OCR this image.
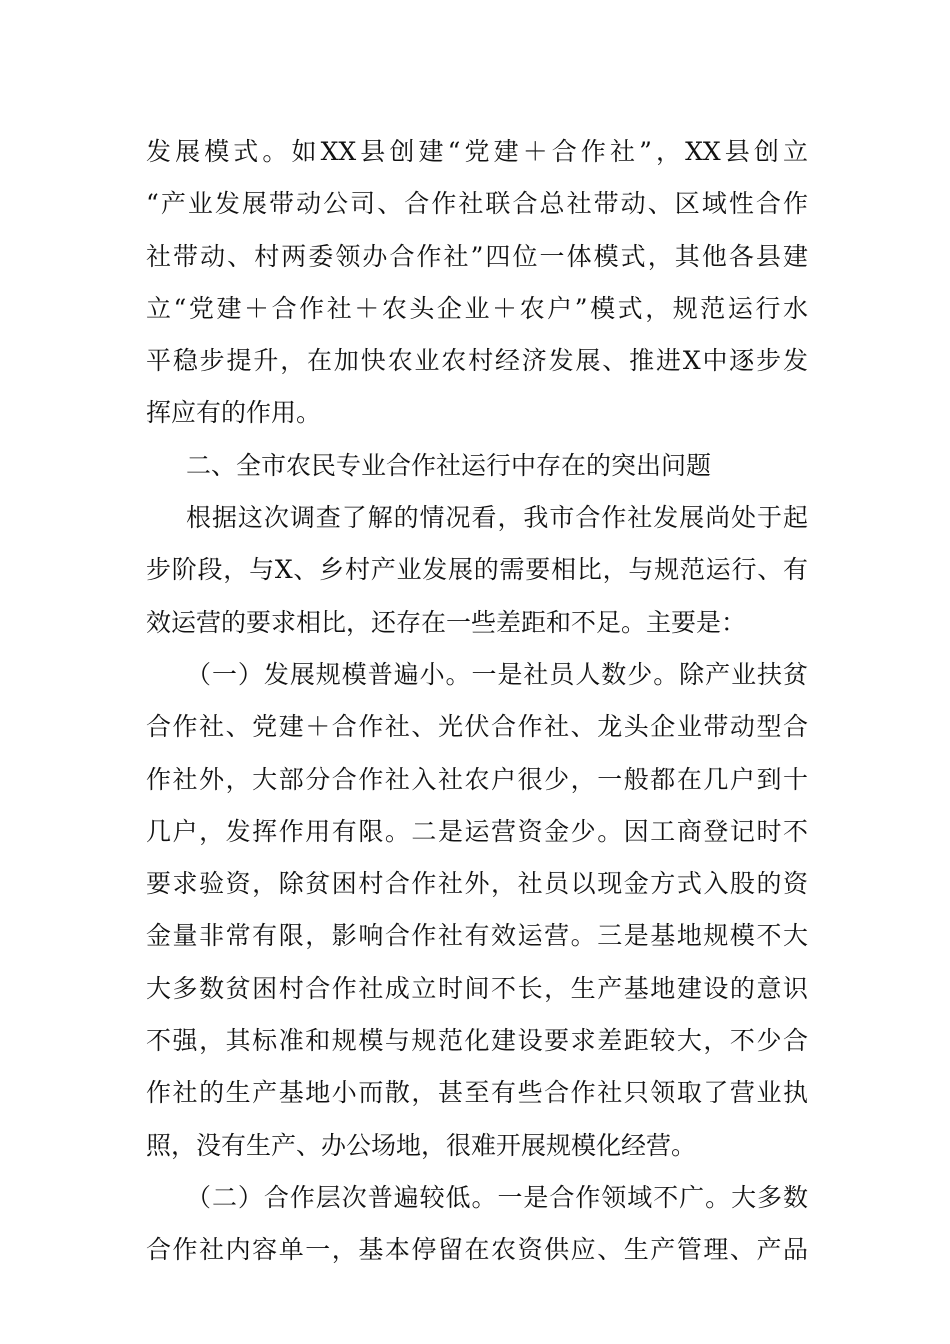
发展模式。如XX县创建“党建＋合作社”，XX县创立
“产业发展带动公司、合作社联合总社带动、区域性合作
社带动、村两委领办合作社”四位一体模式，其他各县建
立“党建＋合作社＋农头企业＋农户”模式，规范运行水
平稳步提升，在加快农业农村经济发展、推进X中逐步发
挥应有的作用。
二、全市农民专业合作社运行中存在的突出问题
根据这次调查了解的情况看，我市合作社发展尚处于起
步阶段，与X、乡村产业发展的需要相比，与规范运行、有
效运营的要求相比，还存在一些差距和不足。主要是：
（一）发展规模普遍小。一是社员人数少。除产业扶贫
合作社、党建＋合作社、光伏合作社、龙头企业带动型合
作社外，大部分合作社入社农户很少，一般都在几户到十
几户，发挥作用有限。二是运营资金少。因工商登记时不
要求验资，除贫困村合作社外，社员以现金方式入股的资
金量非常有限，影响合作社有效运营。三是基地规模不大
大多数贫困村合作社成立时间不长，生产基地建设的意识
不强，其标准和规模与规范化建设要求差距较大，不少合
作社的生产基地小而散，甚至有些合作社只领取了营业执
照，没有生产、办公场地，很难开展规模化经营。
（二）合作层次普遍较低。一是合作领域不广。大多数
合作社内容单一，基本停留在农资供应、生产管理、产品
